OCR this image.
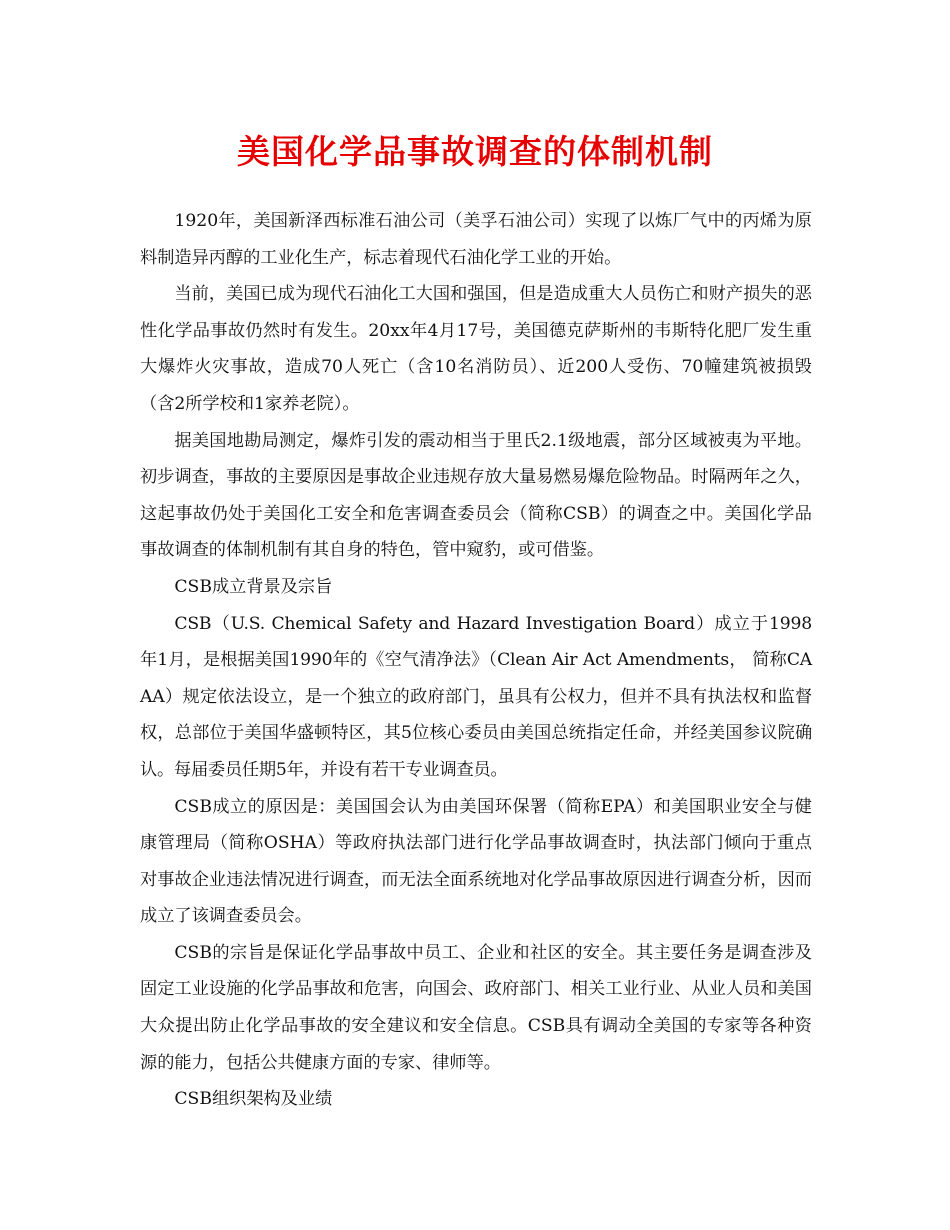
美国化学品事故调查的体制机制

1920年，美国新泽西标准石油公司（美孚石油公司）实现了以炼厂气中的丙烯为原料制造异丙醇的工业化生产，标志着现代石油化学工业的开始。

当前，美国已成为现代石油化工大国和强国，但是造成重大人员伤亡和财产损失的恶性化学品事故仍然时有发生。20xx年4月17号，美国德克萨斯州的韦斯特化肥厂发生重大爆炸火灾事故，造成70人死亡（含10名消防员）、近200人受伤、70幢建筑被损毁（含2所学校和1家养老院）。

据美国地勘局测定，爆炸引发的震动相当于里氏2.1级地震，部分区域被夷为平地。初步调查，事故的主要原因是事故企业违规存放大量易燃易爆危险物品。时隔两年之久，这起事故仍处于美国化工安全和危害调查委员会（简称CSB）的调查之中。美国化学品事故调查的体制机制有其自身的特色，管中窥豹，或可借鉴。

CSB成立背景及宗旨

CSB（U.S. Chemical Safety and Hazard Investigation Board）成立于1998年1月，是根据美国1990年的《空气清净法》（Clean Air Act Amendments， 简称CAAA）规定依法设立，是一个独立的政府部门，虽具有公权力，但并不具有执法权和监督权，总部位于美国华盛顿特区，其5位核心委员由美国总统指定任命，并经美国参议院确认。每届委员任期5年，并设有若干专业调查员。

CSB成立的原因是：美国国会认为由美国环保署（简称EPA）和美国职业安全与健康管理局（简称OSHA）等政府执法部门进行化学品事故调查时，执法部门倾向于重点对事故企业违法情况进行调查，而无法全面系统地对化学品事故原因进行调查分析，因而成立了该调查委员会。

CSB的宗旨是保证化学品事故中员工、企业和社区的安全。其主要任务是调查涉及固定工业设施的化学品事故和危害，向国会、政府部门、相关工业行业、从业人员和美国大众提出防止化学品事故的安全建议和安全信息。CSB具有调动全美国的专家等各种资源的能力，包括公共健康方面的专家、律师等。

CSB组织架构及业绩
